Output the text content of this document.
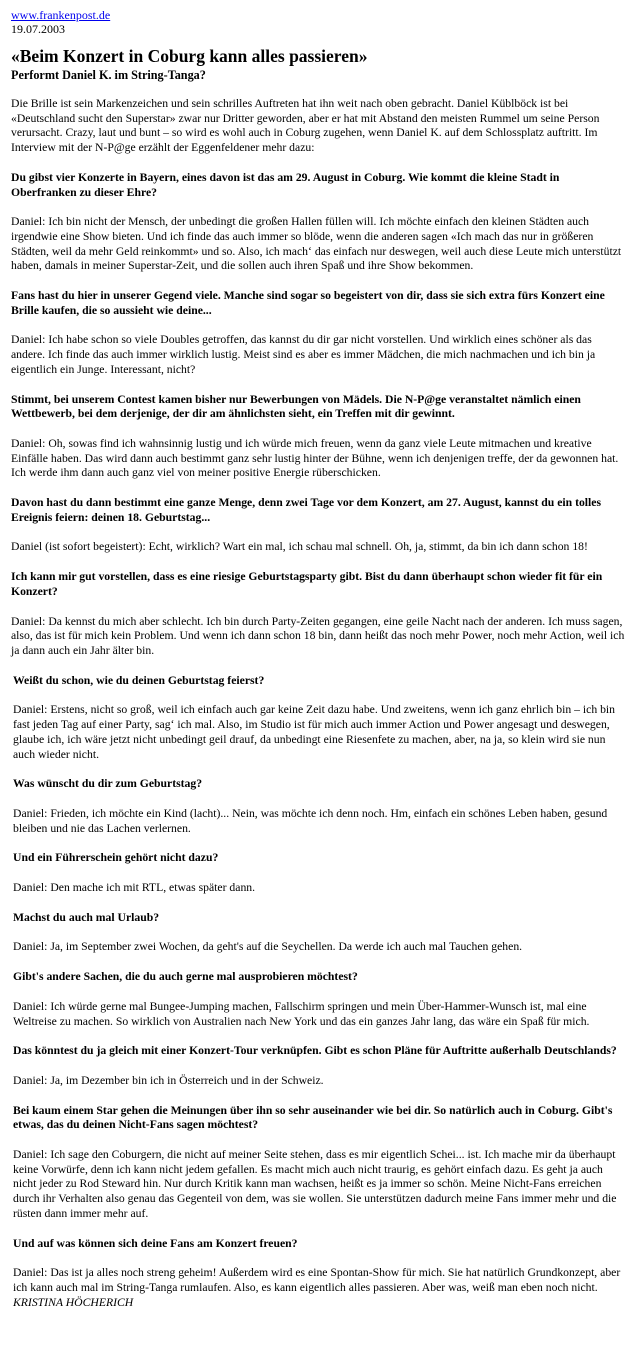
www.frankenpost.de
19.07.2003
«Beim Konzert in Coburg kann alles passieren»
Performt Daniel K. im String-Tanga?

Die Brille ist sein Markenzeichen und sein schrilles Auftreten hat ihn weit nach oben gebracht. Daniel Küblböck ist bei «Deutschland sucht den Superstar» zwar nur Dritter geworden, aber er hat mit Abstand den meisten Rummel um seine Person verursacht. Crazy, laut und bunt – so wird es wohl auch in Coburg zugehen, wenn Daniel K. auf dem Schlossplatz auftritt. Im Interview mit der N-P@ge erzählt der Eggenfeldener mehr dazu:

Du gibst vier Konzerte in Bayern, eines davon ist das am 29. August in Coburg. Wie kommt die kleine Stadt in Oberfranken zu dieser Ehre?

Daniel: Ich bin nicht der Mensch, der unbedingt die großen Hallen füllen will. Ich möchte einfach den kleinen Städten auch irgendwie eine Show bieten. Und ich finde das auch immer so blöde, wenn die anderen sagen «Ich mach das nur in größeren Städten, weil da mehr Geld reinkommt» und so. Also, ich mach‘ das einfach nur deswegen, weil auch diese Leute mich unterstützt haben, damals in meiner Superstar-Zeit, und die sollen auch ihren Spaß und ihre Show bekommen.

Fans hast du hier in unserer Gegend viele. Manche sind sogar so begeistert von dir, dass sie sich extra fürs Konzert eine Brille kaufen, die so aussieht wie deine...

Daniel: Ich habe schon so viele Doubles getroffen, das kannst du dir gar nicht vorstellen. Und wirklich eines schöner als das andere. Ich finde das auch immer wirklich lustig. Meist sind es aber es immer Mädchen, die mich nachmachen und ich bin ja eigentlich ein Junge. Interessant, nicht?

Stimmt, bei unserem Contest kamen bisher nur Bewerbungen von Mädels. Die N-P@ge veranstaltet nämlich einen Wettbewerb, bei dem derjenige, der dir am ähnlichsten sieht, ein Treffen mit dir gewinnt.

Daniel: Oh, sowas find ich wahnsinnig lustig und ich würde mich freuen, wenn da ganz viele Leute mitmachen und kreative Einfälle haben. Das wird dann auch bestimmt ganz sehr lustig hinter der Bühne, wenn ich denjenigen treffe, der da gewonnen hat. Ich werde ihm dann auch ganz viel von meiner positive Energie rüberschicken.

Davon hast du dann bestimmt eine ganze Menge, denn zwei Tage vor dem Konzert, am 27. August, kannst du ein tolles Ereignis feiern: deinen 18. Geburtstag...

Daniel (ist sofort begeistert): Echt, wirklich? Wart ein mal, ich schau mal schnell. Oh, ja, stimmt, da bin ich dann schon 18!

Ich kann mir gut vorstellen, dass es eine riesige Geburtstagsparty gibt. Bist du dann überhaupt schon wieder fit für ein Konzert?

Daniel: Da kennst du mich aber schlecht. Ich bin durch Party-Zeiten gegangen, eine geile Nacht nach der anderen. Ich muss sagen, also, das ist für mich kein Problem. Und wenn ich dann schon 18 bin, dann heißt das noch mehr Power, noch mehr Action, weil ich ja dann auch ein Jahr älter bin.

Weißt du schon, wie du deinen Geburtstag feierst?

Daniel: Erstens, nicht so groß, weil ich einfach auch gar keine Zeit dazu habe. Und zweitens, wenn ich ganz ehrlich bin – ich bin fast jeden Tag auf einer Party, sag‘ ich mal. Also, im Studio ist für mich auch immer Action und Power angesagt und deswegen, glaube ich, ich wäre jetzt nicht unbedingt geil drauf, da unbedingt eine Riesenfete zu machen, aber, na ja, so klein wird sie nun auch wieder nicht.

Was wünscht du dir zum Geburtstag?

Daniel: Frieden, ich möchte ein Kind (lacht)... Nein, was möchte ich denn noch. Hm, einfach ein schönes Leben haben, gesund bleiben und nie das Lachen verlernen.

Und ein Führerschein gehört nicht dazu?

Daniel: Den mache ich mit RTL, etwas später dann.

Machst du auch mal Urlaub?

Daniel: Ja, im September zwei Wochen, da geht's auf die Seychellen. Da werde ich auch mal Tauchen gehen.

Gibt's andere Sachen, die du auch gerne mal ausprobieren möchtest?

Daniel: Ich würde gerne mal Bungee-Jumping machen, Fallschirm springen und mein Über-Hammer-Wunsch ist, mal eine Weltreise zu machen. So wirklich von Australien nach New York und das ein ganzes Jahr lang, das wäre ein Spaß für mich.

Das könntest du ja gleich mit einer Konzert-Tour verknüpfen. Gibt es schon Pläne für Auftritte außerhalb Deutschlands?

Daniel: Ja, im Dezember bin ich in Österreich und in der Schweiz.

Bei kaum einem Star gehen die Meinungen über ihn so sehr auseinander wie bei dir. So natürlich auch in Coburg. Gibt's etwas, das du deinen Nicht-Fans sagen möchtest?

Daniel: Ich sage den Coburgern, die nicht auf meiner Seite stehen, dass es mir eigentlich Schei... ist. Ich mache mir da überhaupt keine Vorwürfe, denn ich kann nicht jedem gefallen. Es macht mich auch nicht traurig, es gehört einfach dazu. Es geht ja auch nicht jeder zu Rod Steward hin. Nur durch Kritik kann man wachsen, heißt es ja immer so schön. Meine Nicht-Fans erreichen durch ihr Verhalten also genau das Gegenteil von dem, was sie wollen. Sie unterstützen dadurch meine Fans immer mehr und die rüsten dann immer mehr auf.

Und auf was können sich deine Fans am Konzert freuen?

Daniel: Das ist ja alles noch streng geheim! Außerdem wird es eine Spontan-Show für mich. Sie hat natürlich Grundkonzept, aber ich kann auch mal im String-Tanga rumlaufen. Also, es kann eigentlich alles passieren. Aber was, weiß man eben noch nicht. KRISTINA HÖCHERICH
